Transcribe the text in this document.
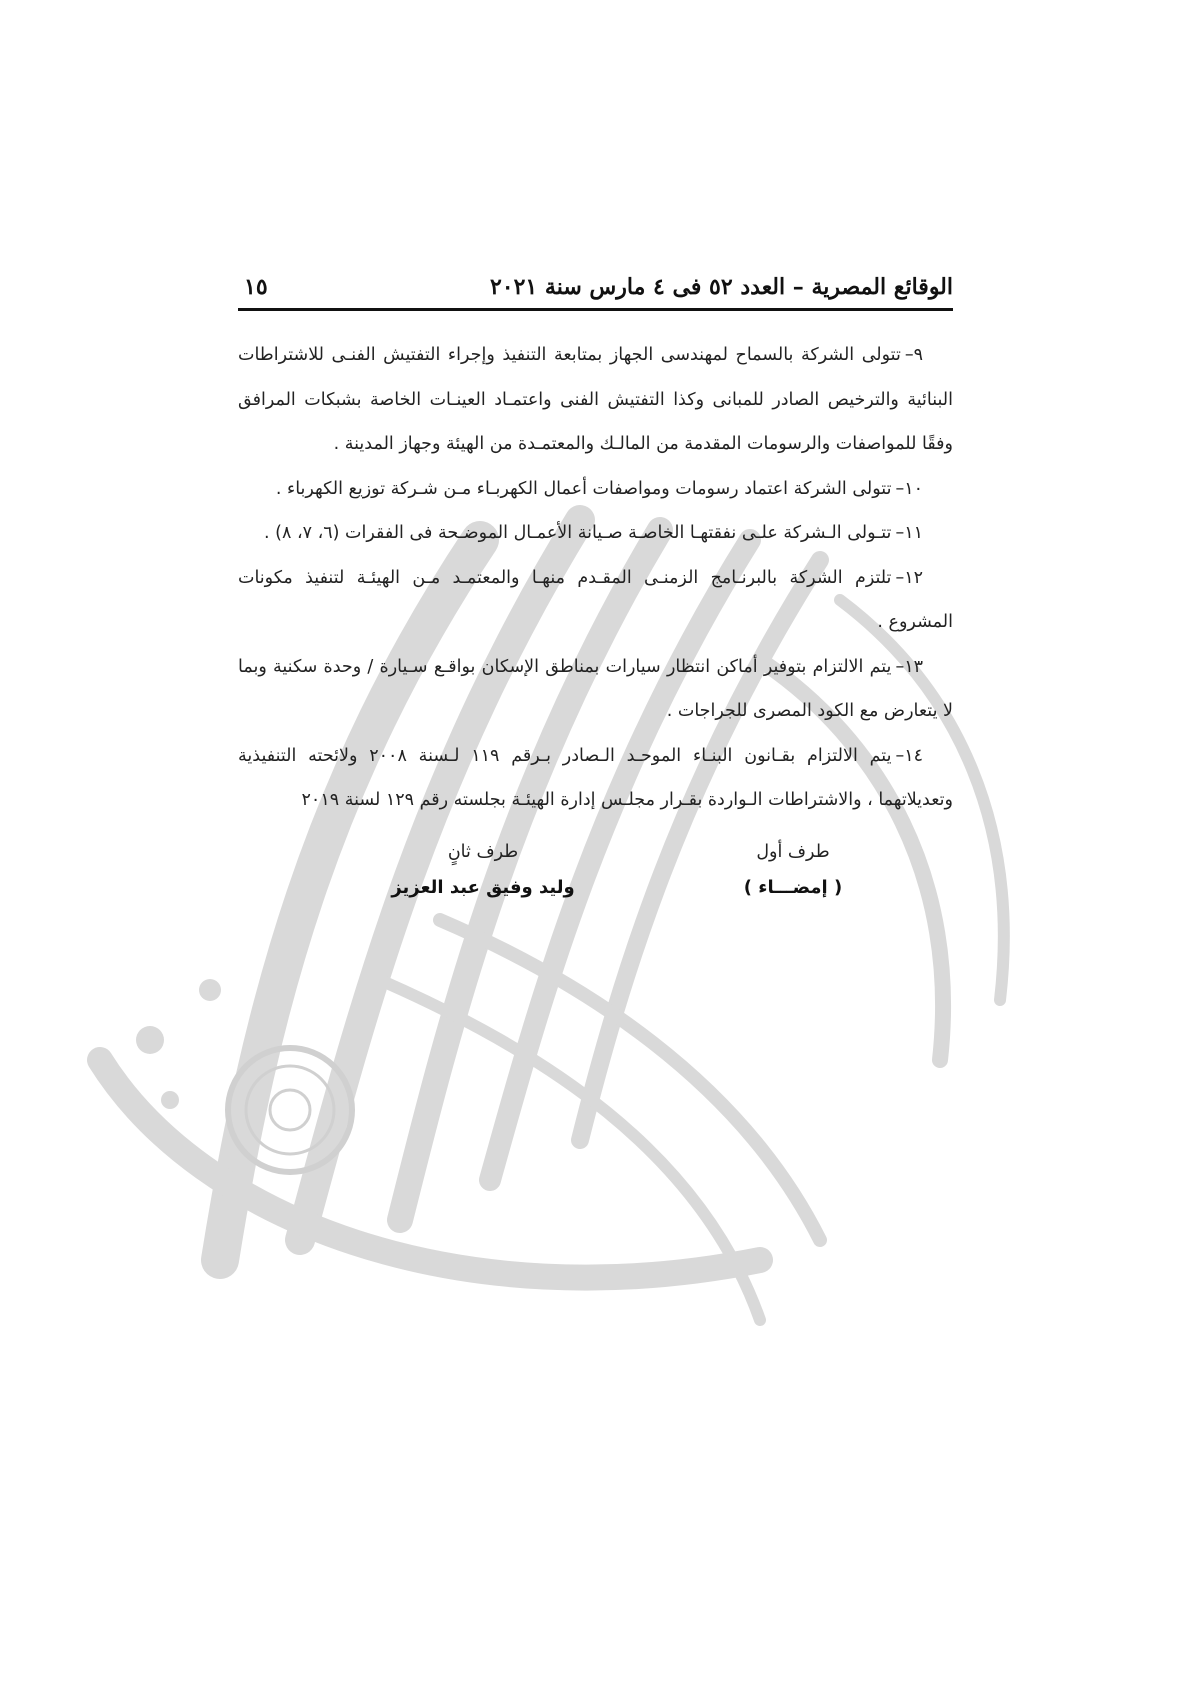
الوقائع المصرية – العدد ٥٢ فى ٤ مارس سنة ٢٠٢١
١٥

٩–تتولى الشركة بالسماح لمهندسى الجهاز بمتابعة التنفيذ وإجراء التفتيش الفنـى للاشتراطات البنائية والترخيص الصادر للمبانى وكذا التفتيش الفنى واعتمـاد العينـات الخاصة بشبكات المرافق وفقًا للمواصفات والرسومات المقدمة من المالـك والمعتمـدة من الهيئة وجهاز المدينة .

١٠–تتولى الشركة اعتماد رسومات ومواصفات أعمال الكهربـاء مـن شـركة توزيع الكهرباء .

١١–تتـولى الـشركة علـى نفقتهـا الخاصـة صـيانة الأعمـال الموضـحة فى الفقرات (٦، ٧، ٨) .

١٢–تلتزم الشركة بالبرنـامج الزمنـى المقـدم منهـا والمعتمـد مـن الهيئـة لتنفيذ مكونات المشروع .

١٣–يتم الالتزام بتوفير أماكن انتظار سيارات بمناطق الإسكان بواقـع سـيارة / وحدة سكنية وبما لا يتعارض مع الكود المصرى للجراجات .

١٤–يتم الالتزام بقـانون البنـاء الموحـد الـصادر بـرقم ١١٩ لـسنة ٢٠٠٨ ولائحته التنفيذية وتعديلاتهما ، والاشتراطات الـواردة بقـرار مجلـس إدارة الهيئـة بجلسته رقم ١٢٩ لسنة ٢٠١٩

طرف أول
( إمضـــاء )
طرف ثانٍ
وليد وفيق عبد العزيز
